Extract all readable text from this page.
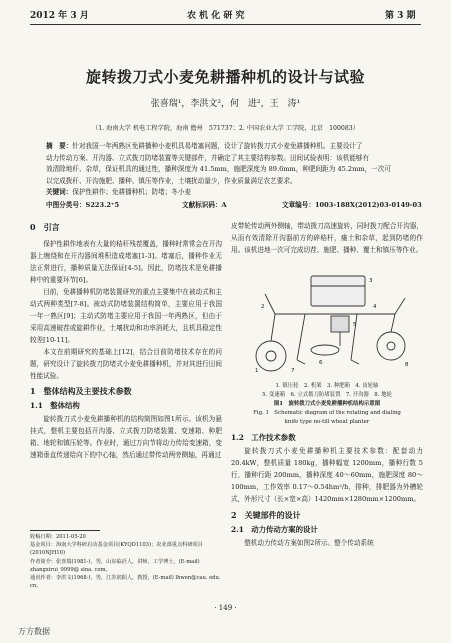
2012 年 3 月	农 机 化 研 究	第 3 期
旋转拨刀式小麦免耕播种机的设计与试验
张喜瑞¹，李洪文²，何　进²，王　涛¹
（1. 海南大学 机电工程学院，海南 儋州　571737；2. 中国农业大学 工学院，北京　100083）
摘　要：针对我国一年两熟区免耕播种小麦机具易堵塞问题，设计了旋转拨刀式小麦免耕播种机。主要设计了
动力传动方案、开沟器、立式拨刀防堵装置等关键部件，并确定了其主要结构参数。田间试验表明：该机能够有
效清除地秆、杂草，保证机具的通过性，播种深度为 41.5mm，施肥深度为 89.6mm，种肥间距为 45.2mm，一次可
以完成拨秆、开沟施肥、播种、镇压等作业，土壤扰动量少，作业质量满足农艺要求。
关键词：保护性耕作；免耕播种机；防堵；冬小麦
中图分类号：S223.2⁺5	文献标识码：A	文章编号：1003-188X(2012)03-0149-03
0　引言

保护性耕作地表有大量的秸秆残茬覆盖，播种时常常会在开沟器上缠绕和在开沟器间堆积造成堵塞[1-3]。堵塞后，播种作业无法正常进行，播种质量无法保证[4-5]。因此，防堵技术是免耕播种中的重要环节[6]。

目前，免耕播种机防堵装置研究的重点主要集中在被动式和主动式两种类型[7-8]。被动式防堵装置结构简单，主要应用于我国一年一熟区[9]；主动式防堵主要应用于我国一年两熟区，但由于采用高速破茬或旋耕作业，土壤扰动和功率消耗大，且机具稳定性较差[10-11]。

本文在前期研究的基础上[12]，结合目前防堵技术存在的问题，研究设计了旋转拨刀防堵式小麦免耕播种机，并对其进行田间性能试验。

1　整体结构及主要技术参数
1.1　整体结构

旋转拨刀式小麦免耕播种机的结构简图如图1所示。该机为悬挂式，整机主要包括开沟器、立式拨刀防堵装置、变速箱、种肥箱、地轮和镇压轮等。作业时，通过万向节将动力传给变速箱，变速箱垂直传递给向下的中心轴，然后通过带传动两旁侧轴，再通过

收稿日期：2011-05-20
基金项目：海南大学科研启动基金项目(KYQD1103)；农业部重点科研项目(2010NJH10)
作者简介：张喜瑞(1981-)，男，山东临沂人，讲师，工学博士，(E-mail) zhangxirui_9999@ sina. com。
通讯作者：李洪文(1968-)，男，江苏润阳人，教授，(E-mail) lhwen@cau. edu. cn。

皮带轮传动两外侧轴，带动拨刀高速旋转，同时拨刀配合开沟器，从而有效清除开沟器前方的碎秸杆，瘙土和杂草，起到防堵的作用。该机进地一次可完成切茬、施肥、播种、覆土和镇压等作业。

1
2
3
4
5
6
7
8
1. 镇压轮　2. 机架　3. 种肥箱　4. 齿轮轴
5. 变速箱　6. 立式拨刀防堵装置　7. 开沟器　8. 地轮
图1　旋转拨刀式小麦免耕播种机结构示意图
Fig. 1　Schematic diagram of the rotating and dialing
knife type no-till wheat planter
1.2　工作技术参数

旋转拨刀式小麦免耕播种机主要技术参数：配套动力 20.4kW，整机质量 180kg，播种幅宽 1200mm，播种行数 5 行，播种行距 200mm，播种深度 40～60mm，施肥深度 80～100mm，工作效率 0.17～0.54hm²/h，排种，排肥器为外槽轮式，外形尺寸（长×宽×高）1420mm×1280mm×1200mm。

2　关键部件的设计
2.1　动力传动方案的设计

整机动力传动方案如图2所示。整个传动系统

· 149 ·
万方数据
